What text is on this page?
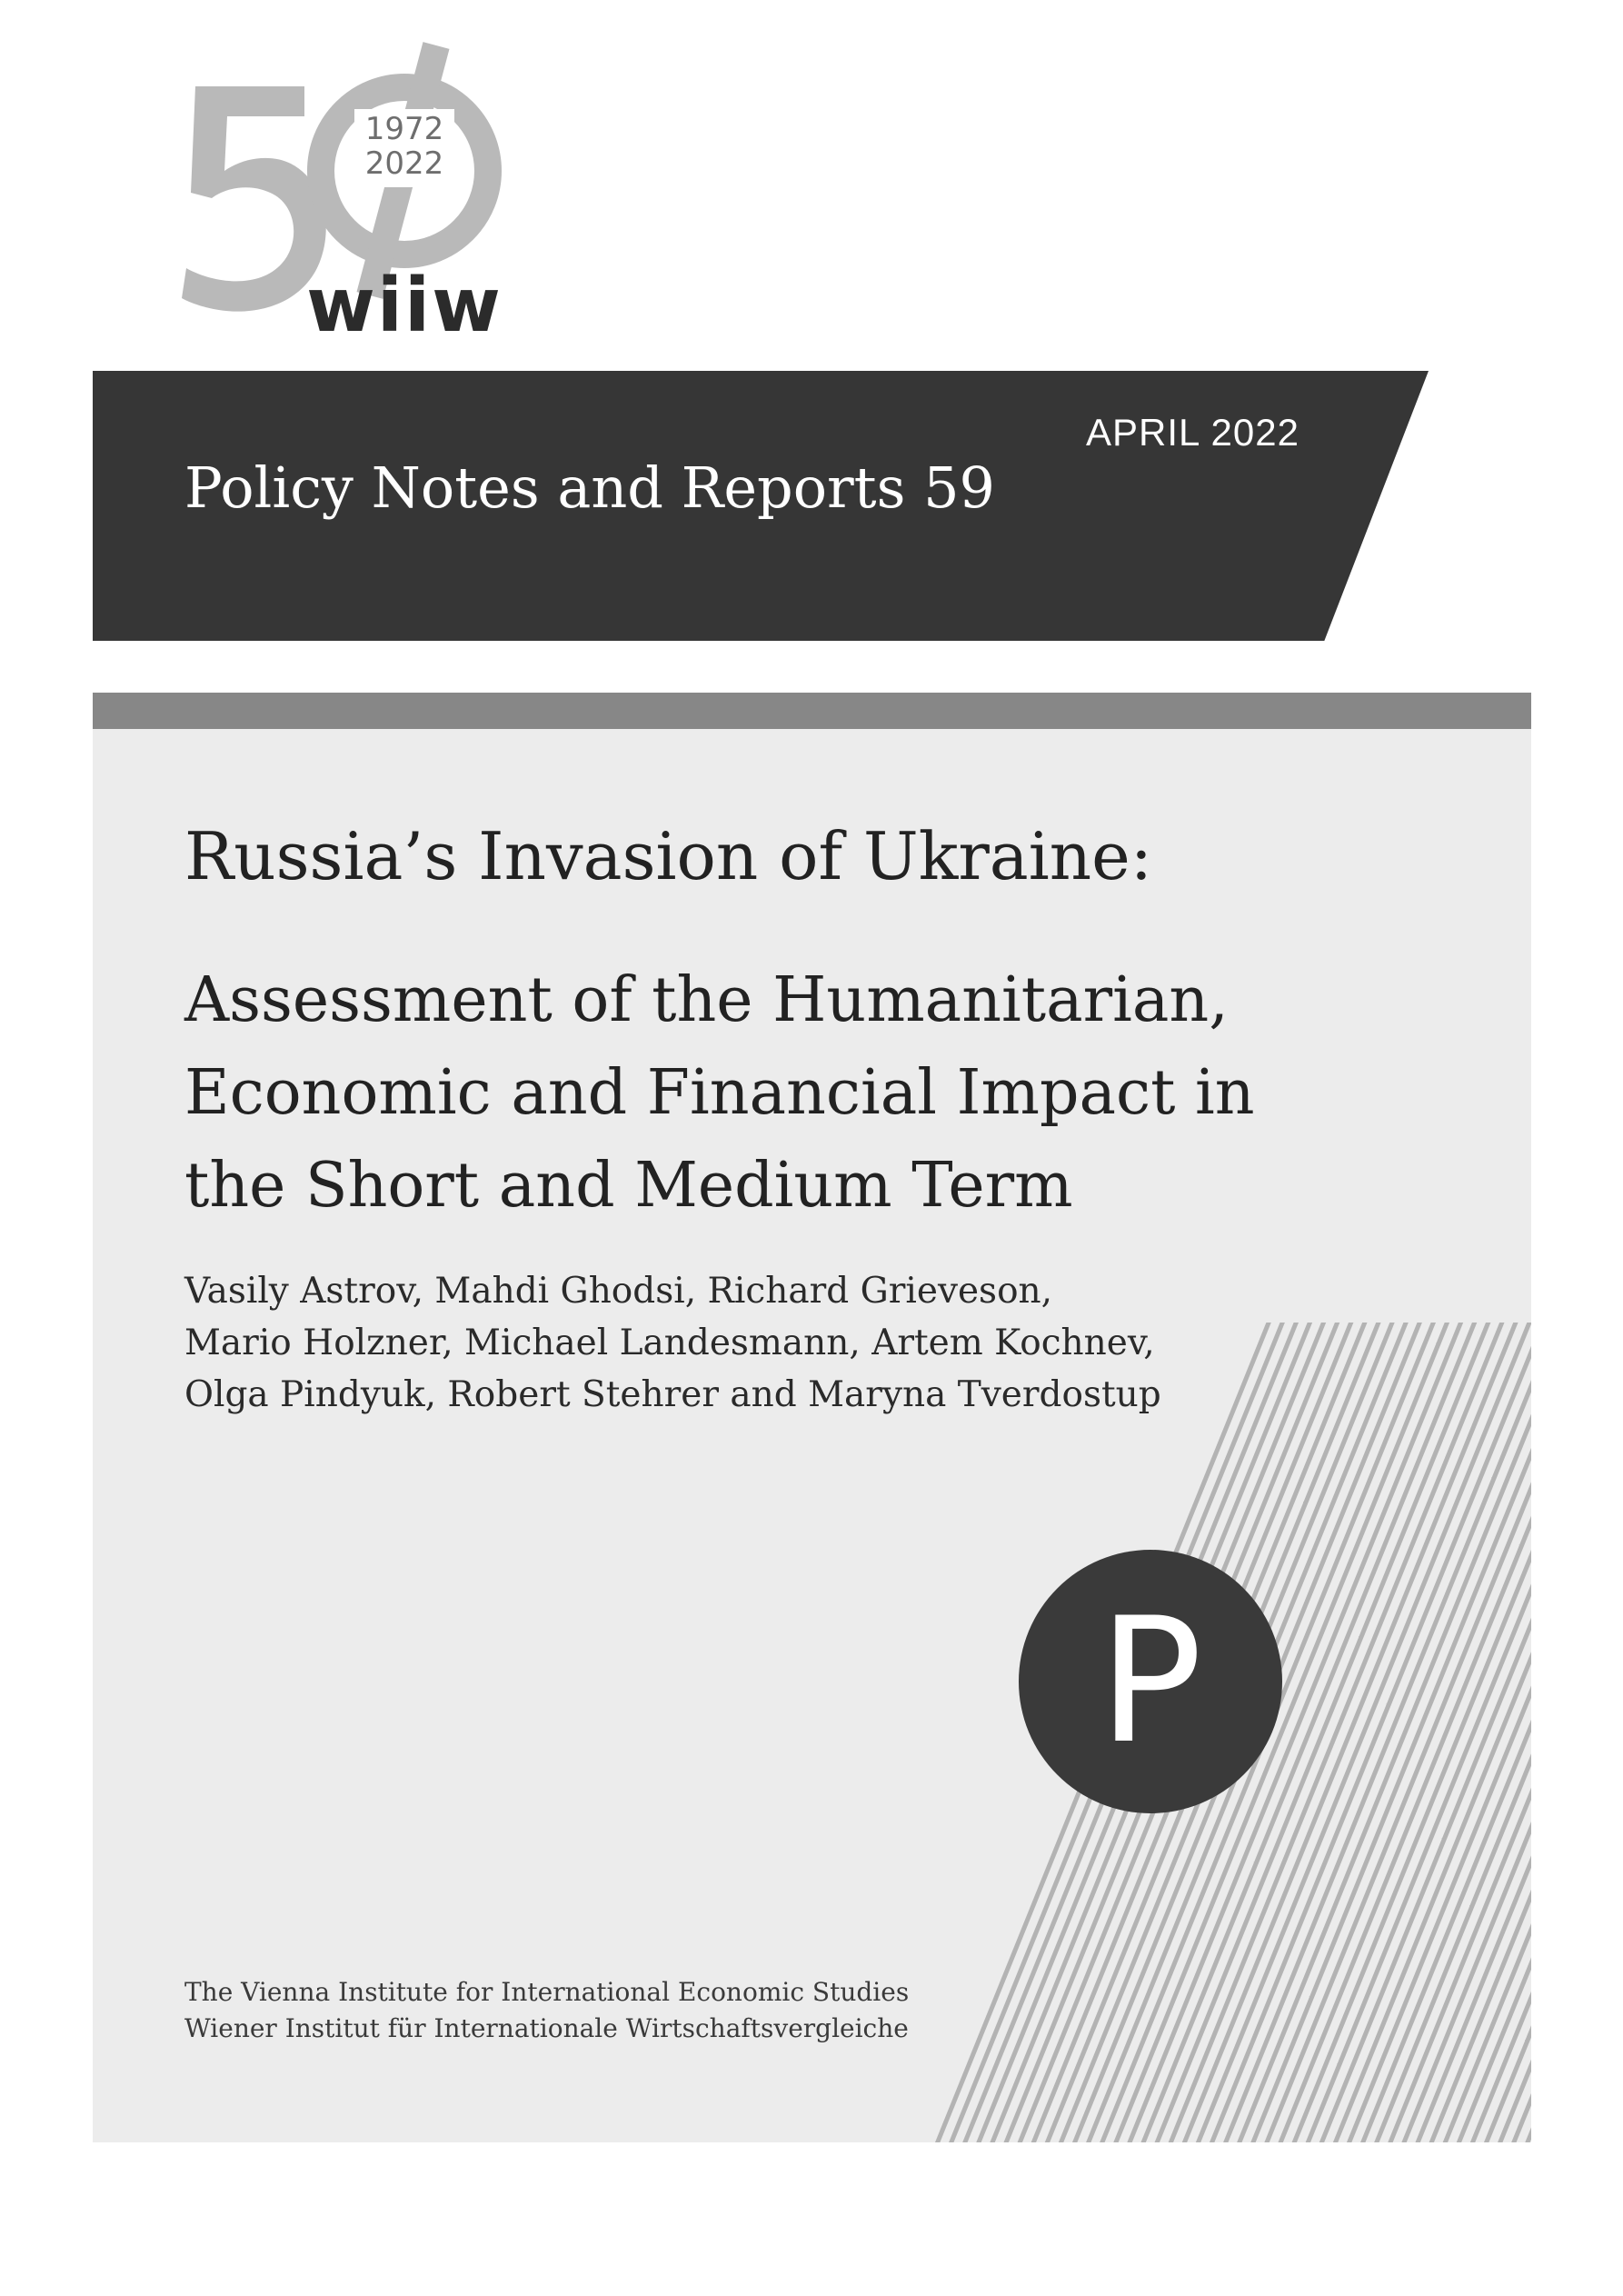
1972
2022
wiiw
APRIL 2022
Policy Notes and Reports 59
Russia’s Invasion of Ukraine:
Assessment of the Humanitarian,
Economic and Financial Impact in
the Short and Medium Term
Vasily Astrov, Mahdi Ghodsi, Richard Grieveson,
Mario Holzner, Michael Landesmann, Artem Kochnev,
Olga Pindyuk, Robert Stehrer and Maryna Tverdostup
P
The Vienna Institute for International Economic Studies
Wiener Institut für Internationale Wirtschaftsvergleiche
